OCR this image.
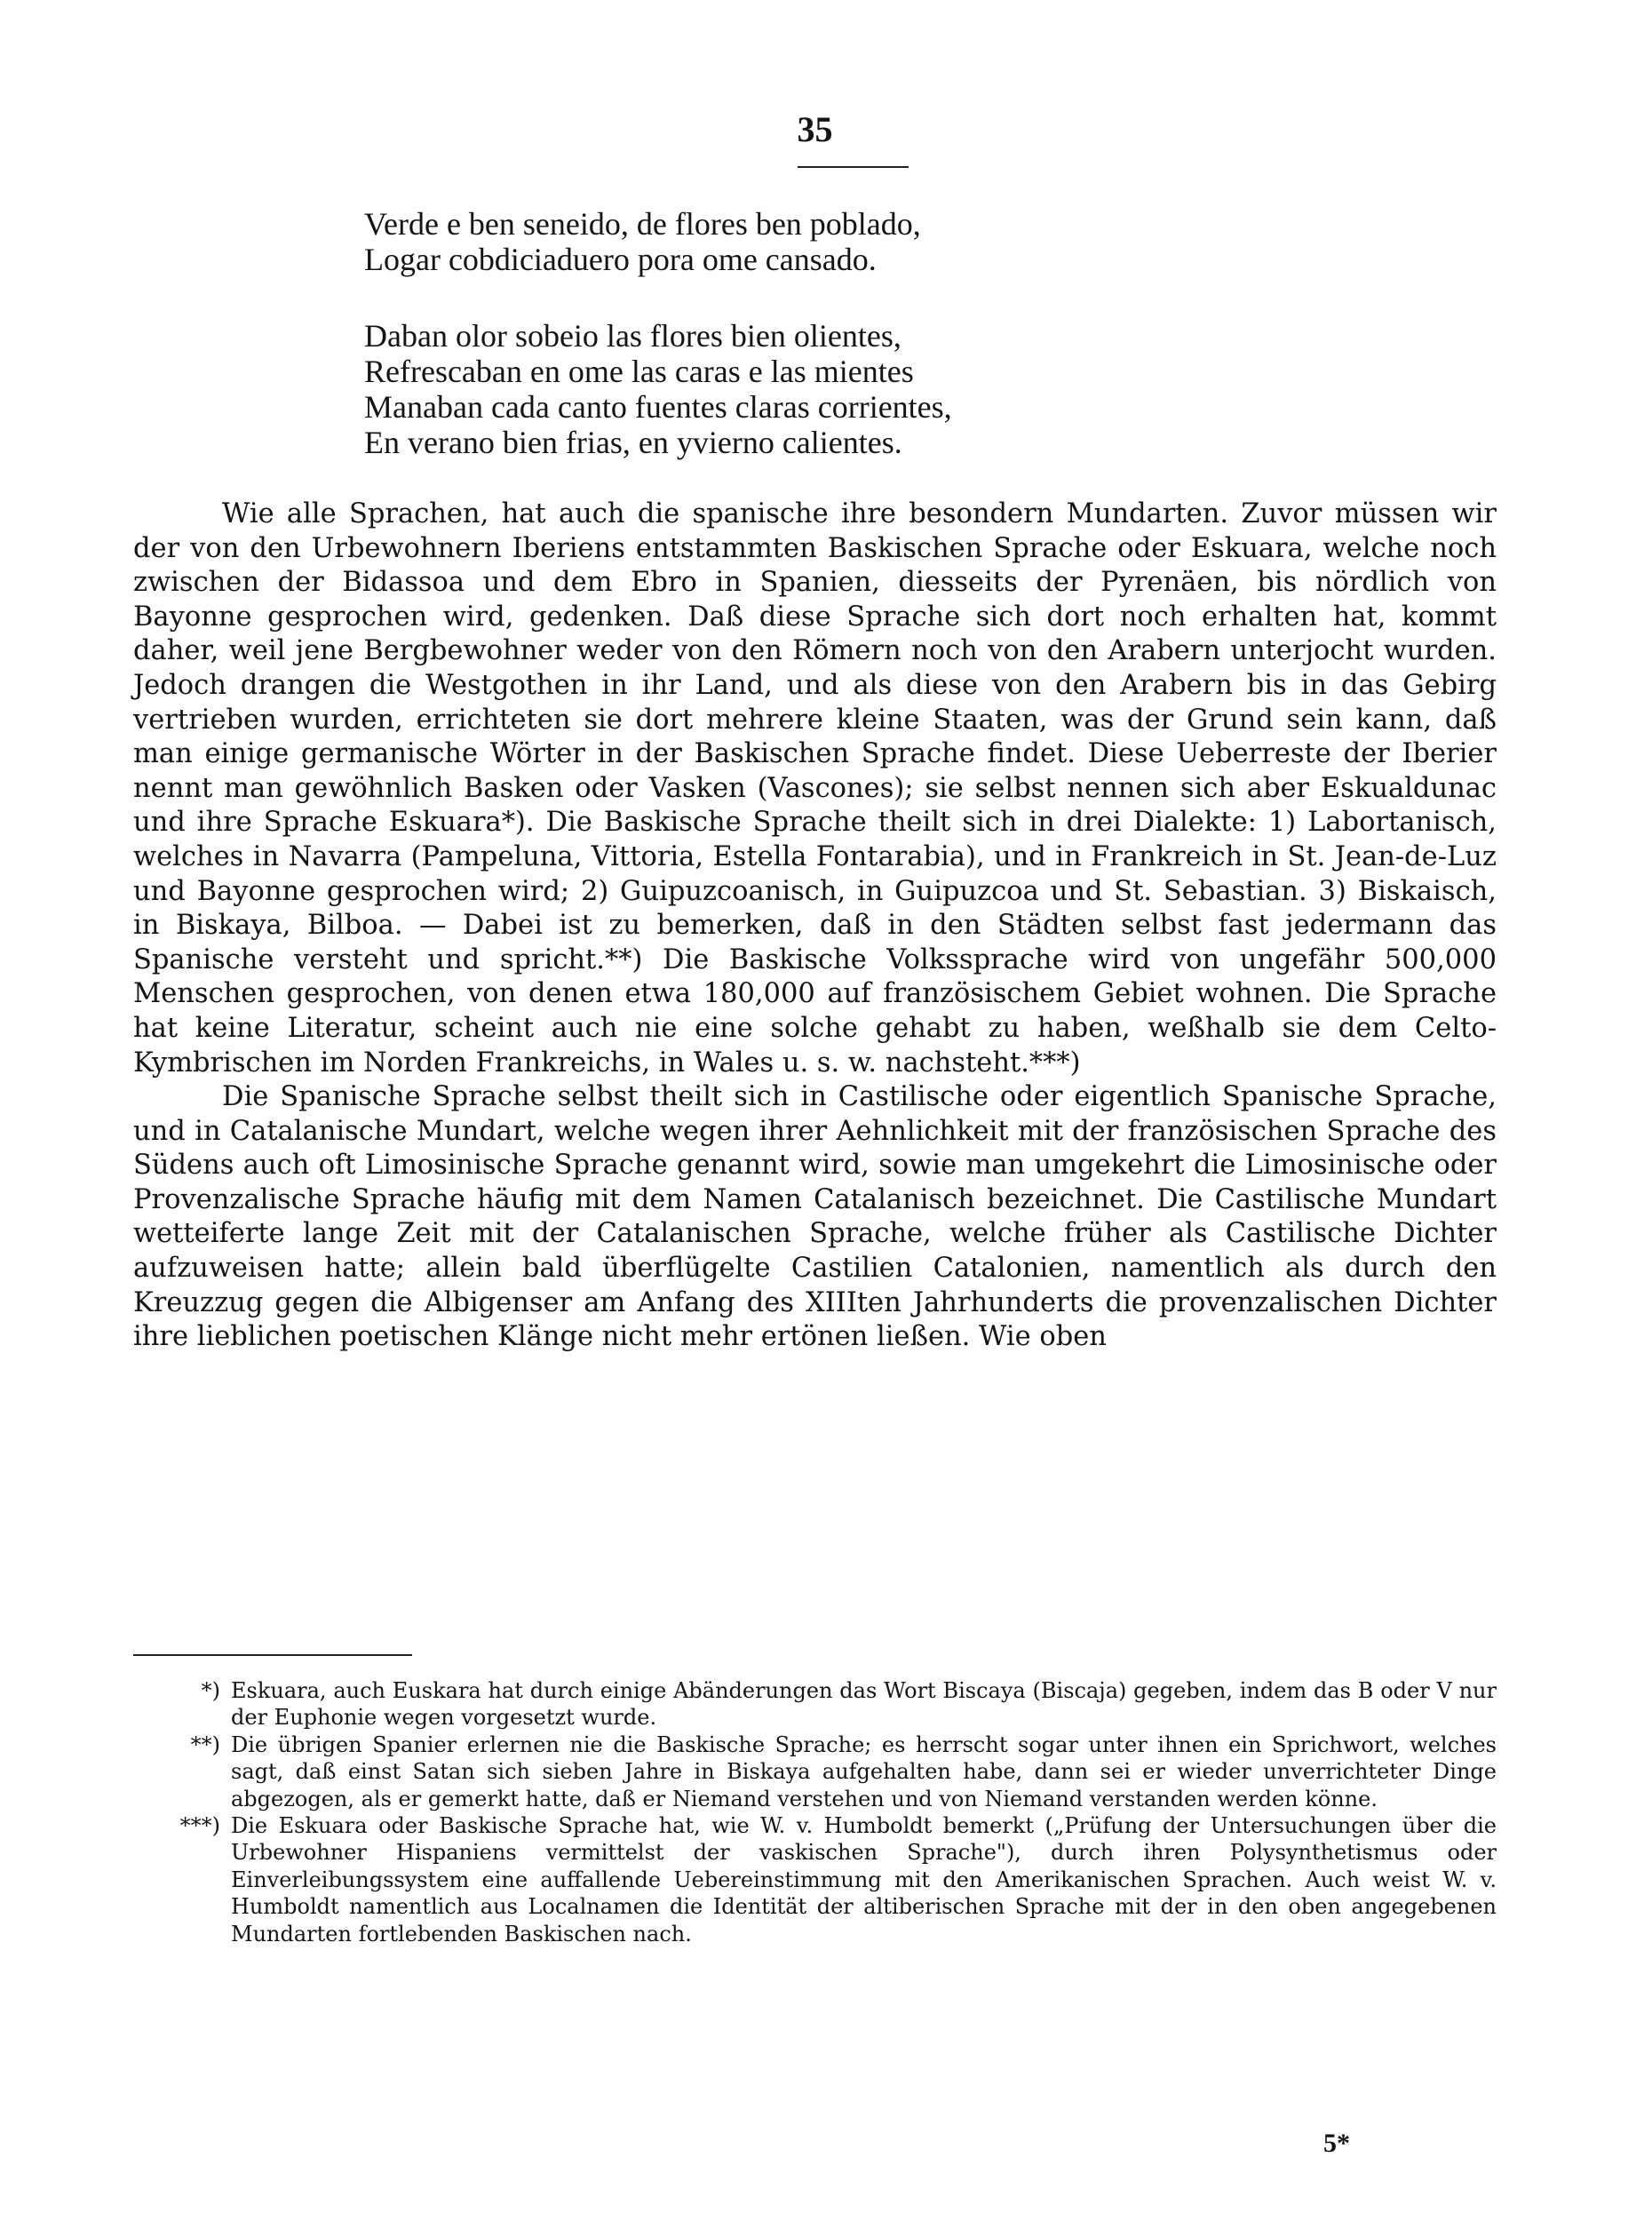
35
Verde e ben seneido, de flores ben poblado,
Logar cobdiciaduero pora ome cansado.
Daban olor sobeio las flores bien olientes,
Refrescaban en ome las caras e las mientes
Manaban cada canto fuentes claras corrientes,
En verano bien frias, en yvierno calientes.

Wie alle Sprachen, hat auch die spanische ihre besondern Mundarten. Zuvor müssen wir der von den Urbewohnern Iberiens entstammten Baskischen Sprache oder Eskuara, welche noch zwischen der Bidassoa und dem Ebro in Spanien, diesseits der Pyrenäen, bis nördlich von Bayonne gesprochen wird, gedenken. Daß diese Sprache sich dort noch erhalten hat, kommt daher, weil jene Bergbewohner weder von den Römern noch von den Arabern unterjocht wurden. Jedoch drangen die Westgothen in ihr Land, und als diese von den Arabern bis in das Gebirg vertrieben wurden, errichteten sie dort mehrere kleine Staaten, was der Grund sein kann, daß man einige germanische Wörter in der Baskischen Sprache findet. Diese Ueberreste der Iberier nennt man gewöhnlich Basken oder Vasken (Vascones); sie selbst nennen sich aber Eskualdunac und ihre Sprache Eskuara*). Die Baskische Sprache theilt sich in drei Dialekte: 1) Labortanisch, welches in Navarra (Pampeluna, Vittoria, Estella Fontarabia), und in Frankreich in St. Jean-de-Luz und Bayonne gesprochen wird; 2) Guipuzcoanisch, in Guipuzcoa und St. Sebastian. 3) Biskaisch, in Biskaya, Bilboa. — Dabei ist zu bemerken, daß in den Städten selbst fast jedermann das Spanische versteht und spricht.**) Die Baskische Volkssprache wird von ungefähr 500,000 Menschen gesprochen, von denen etwa 180,000 auf französischem Gebiet wohnen. Die Sprache hat keine Literatur, scheint auch nie eine solche gehabt zu haben, weßhalb sie dem Celto-Kymbrischen im Norden Frankreichs, in Wales u. s. w. nachsteht.***)

Die Spanische Sprache selbst theilt sich in Castilische oder eigentlich Spanische Sprache, und in Catalanische Mundart, welche wegen ihrer Aehnlichkeit mit der französischen Sprache des Südens auch oft Limosinische Sprache genannt wird, sowie man umgekehrt die Limosinische oder Provenzalische Sprache häufig mit dem Namen Catalanisch bezeichnet. Die Castilische Mundart wetteiferte lange Zeit mit der Catalanischen Sprache, welche früher als Castilische Dichter aufzuweisen hatte; allein bald überflügelte Castilien Catalonien, namentlich als durch den Kreuzzug gegen die Albigenser am Anfang des XIIIten Jahrhunderts die provenzalischen Dichter ihre lieblichen poetischen Klänge nicht mehr ertönen ließen. Wie oben

*) Eskuara, auch Euskara hat durch einige Abänderungen das Wort Biscaya (Biscaja) gegeben, indem das B oder V nur der Euphonie wegen vorgesetzt wurde.
**) Die übrigen Spanier erlernen nie die Baskische Sprache; es herrscht sogar unter ihnen ein Sprichwort, welches sagt, daß einst Satan sich sieben Jahre in Biskaya aufgehalten habe, dann sei er wieder unverrichteter Dinge abgezogen, als er gemerkt hatte, daß er Niemand verstehen und von Niemand verstanden werden könne.
***) Die Eskuara oder Baskische Sprache hat, wie W. v. Humboldt bemerkt („Prüfung der Untersuchungen über die Urbewohner Hispaniens vermittelst der vaskischen Sprache"), durch ihren Polysynthetismus oder Einverleibungssystem eine auffallende Uebereinstimmung mit den Amerikanischen Sprachen. Auch weist W. v. Humboldt namentlich aus Localnamen die Identität der altiberischen Sprache mit der in den oben angegebenen Mundarten fortlebenden Baskischen nach.
5*
